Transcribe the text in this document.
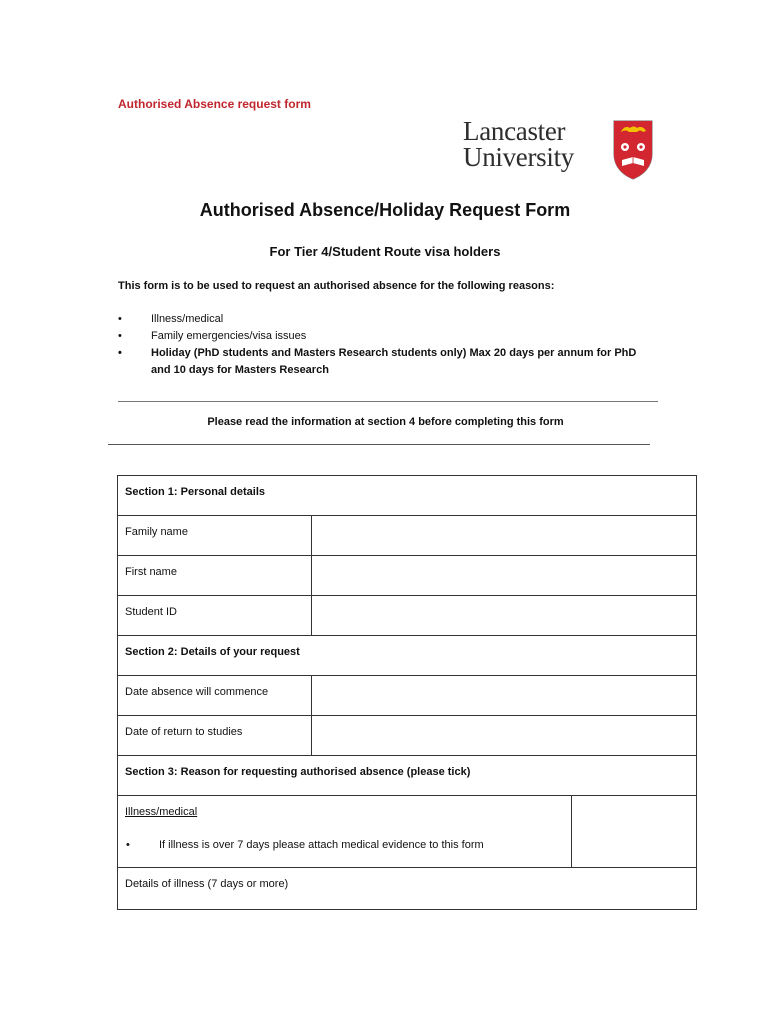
Authorised Absence request form
Lancaster
University
Authorised Absence/Holiday Request Form
For Tier 4/Student Route visa holders
This form is to be used to request an authorised absence for the following reasons:
•	Illness/medical
•	Family emergencies/visa issues
•	Holiday (PhD students and Masters Research students only) Max 20 days per annum for PhD and 10 days for Masters Research
Please read the information at section 4 before completing this form
Section 1: Personal details
Family name
First name
Student ID
Section 2: Details of your request
Date absence will commence
Date of return to studies
Section 3: Reason for requesting authorised absence (please tick)
Illness/medical
•	If illness is over 7 days please attach medical evidence to this form
Details of illness (7 days or more)
